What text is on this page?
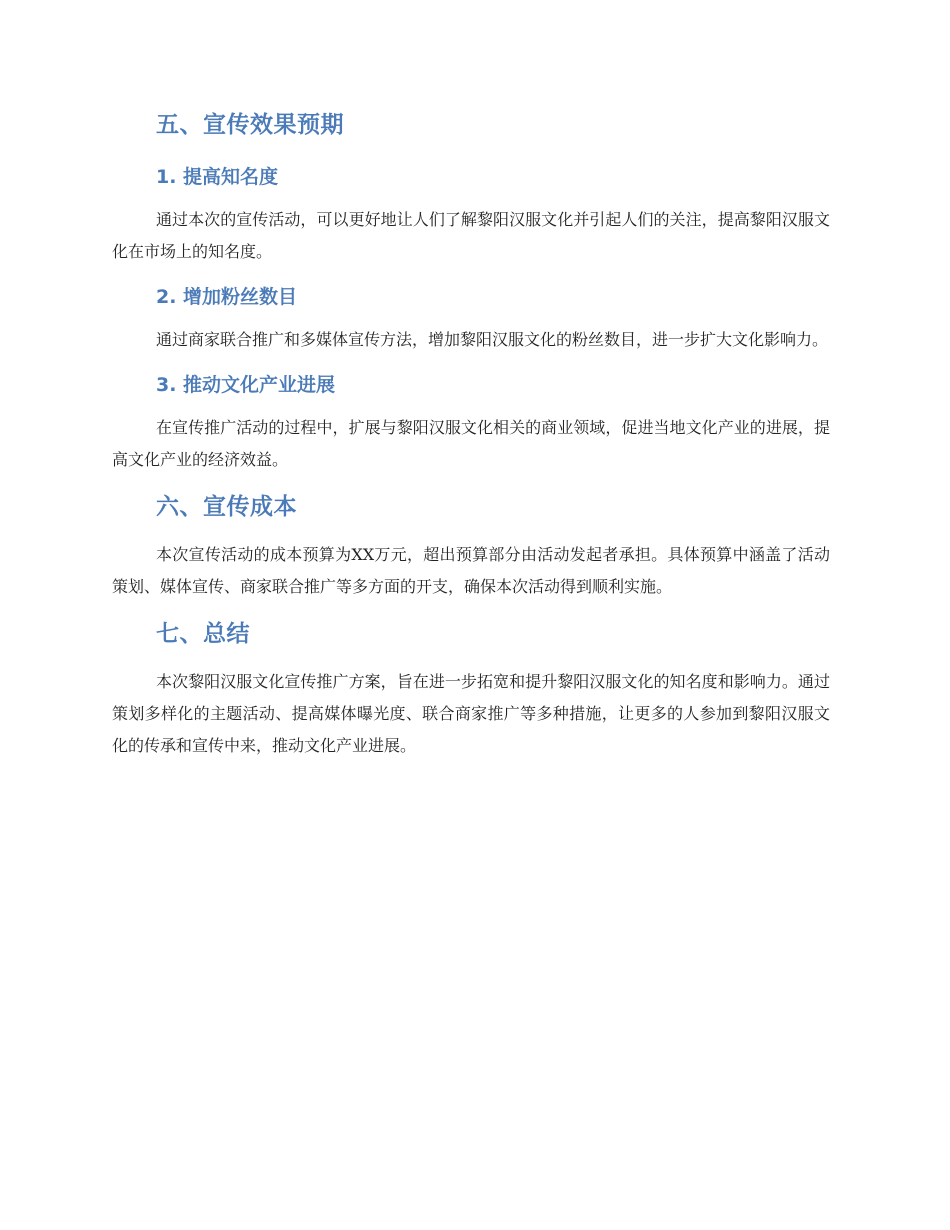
五、宣传效果预期
1. 提高知名度

通过本次的宣传活动，可以更好地让人们了解黎阳汉服文化并引起人们的关注，提高黎阳汉服文化在市场上的知名度。

2. 增加粉丝数目

通过商家联合推广和多媒体宣传方法，增加黎阳汉服文化的粉丝数目，进一步扩大文化影响力。

3. 推动文化产业进展

在宣传推广活动的过程中，扩展与黎阳汉服文化相关的商业领域，促进当地文化产业的进展，提高文化产业的经济效益。

六、宣传成本

本次宣传活动的成本预算为XX万元，超出预算部分由活动发起者承担。具体预算中涵盖了活动策划、媒体宣传、商家联合推广等多方面的开支，确保本次活动得到顺利实施。

七、总结

本次黎阳汉服文化宣传推广方案，旨在进一步拓宽和提升黎阳汉服文化的知名度和影响力。通过策划多样化的主题活动、提高媒体曝光度、联合商家推广等多种措施，让更多的人参加到黎阳汉服文化的传承和宣传中来，推动文化产业进展。
